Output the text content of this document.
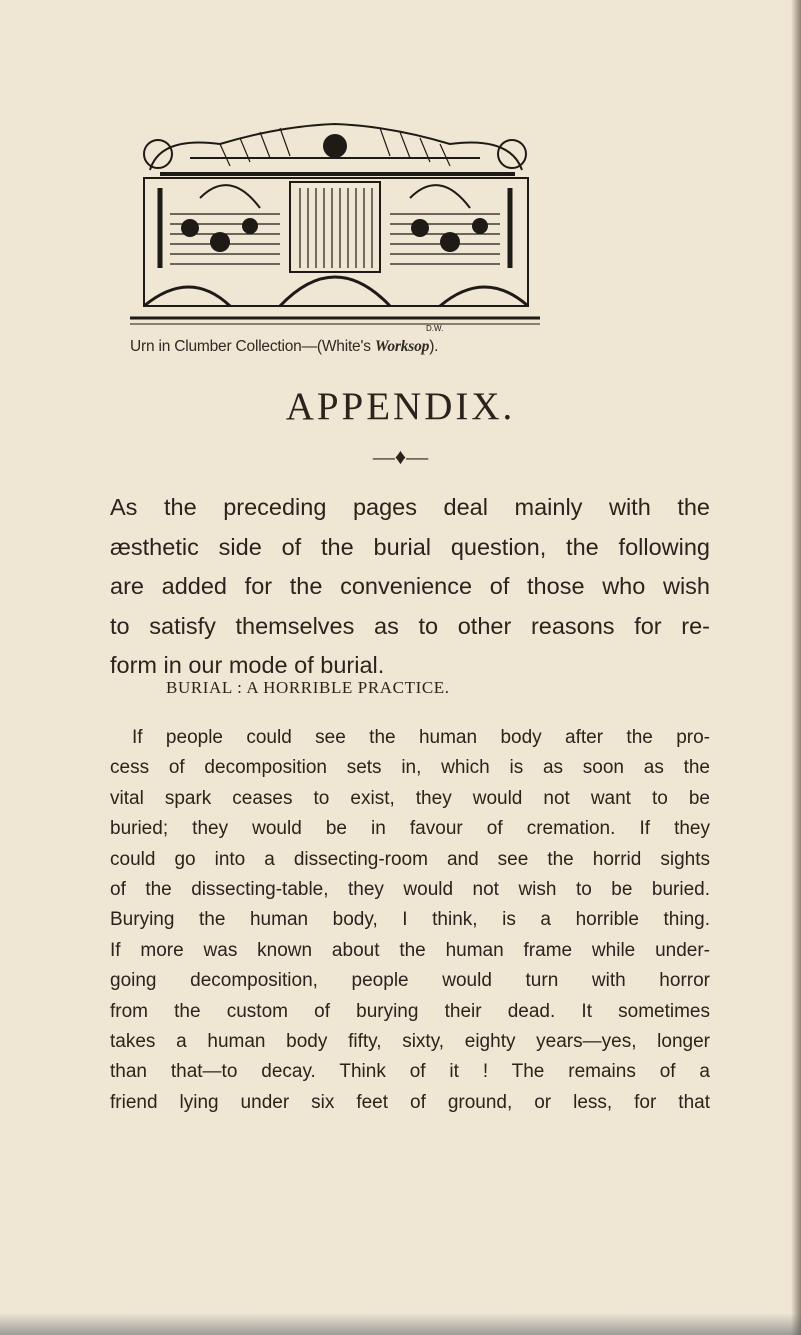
D.W.
Urn in Clumber Collection—(White's Worksop).
APPENDIX.
—♦—

As the preceding pages deal mainly with the
æsthetic side of the burial question, the following
are added for the convenience of those who wish
to satisfy themselves as to other reasons for re-
form in our mode of burial.

BURIAL : A HORRIBLE PRACTICE.

If people could see the human body after the pro-
cess of decomposition sets in, which is as soon as the
vital spark ceases to exist, they would not want to be
buried; they would be in favour of cremation. If they
could go into a dissecting-room and see the horrid sights
of the dissecting-table, they would not wish to be buried.
Burying the human body, I think, is a horrible thing.
If more was known about the human frame while under-
going decomposition, people would turn with horror
from the custom of burying their dead. It sometimes
takes a human body fifty, sixty, eighty years—yes, longer
than that—to decay. Think of it ! The remains of a
friend lying under six feet of ground, or less, for that
